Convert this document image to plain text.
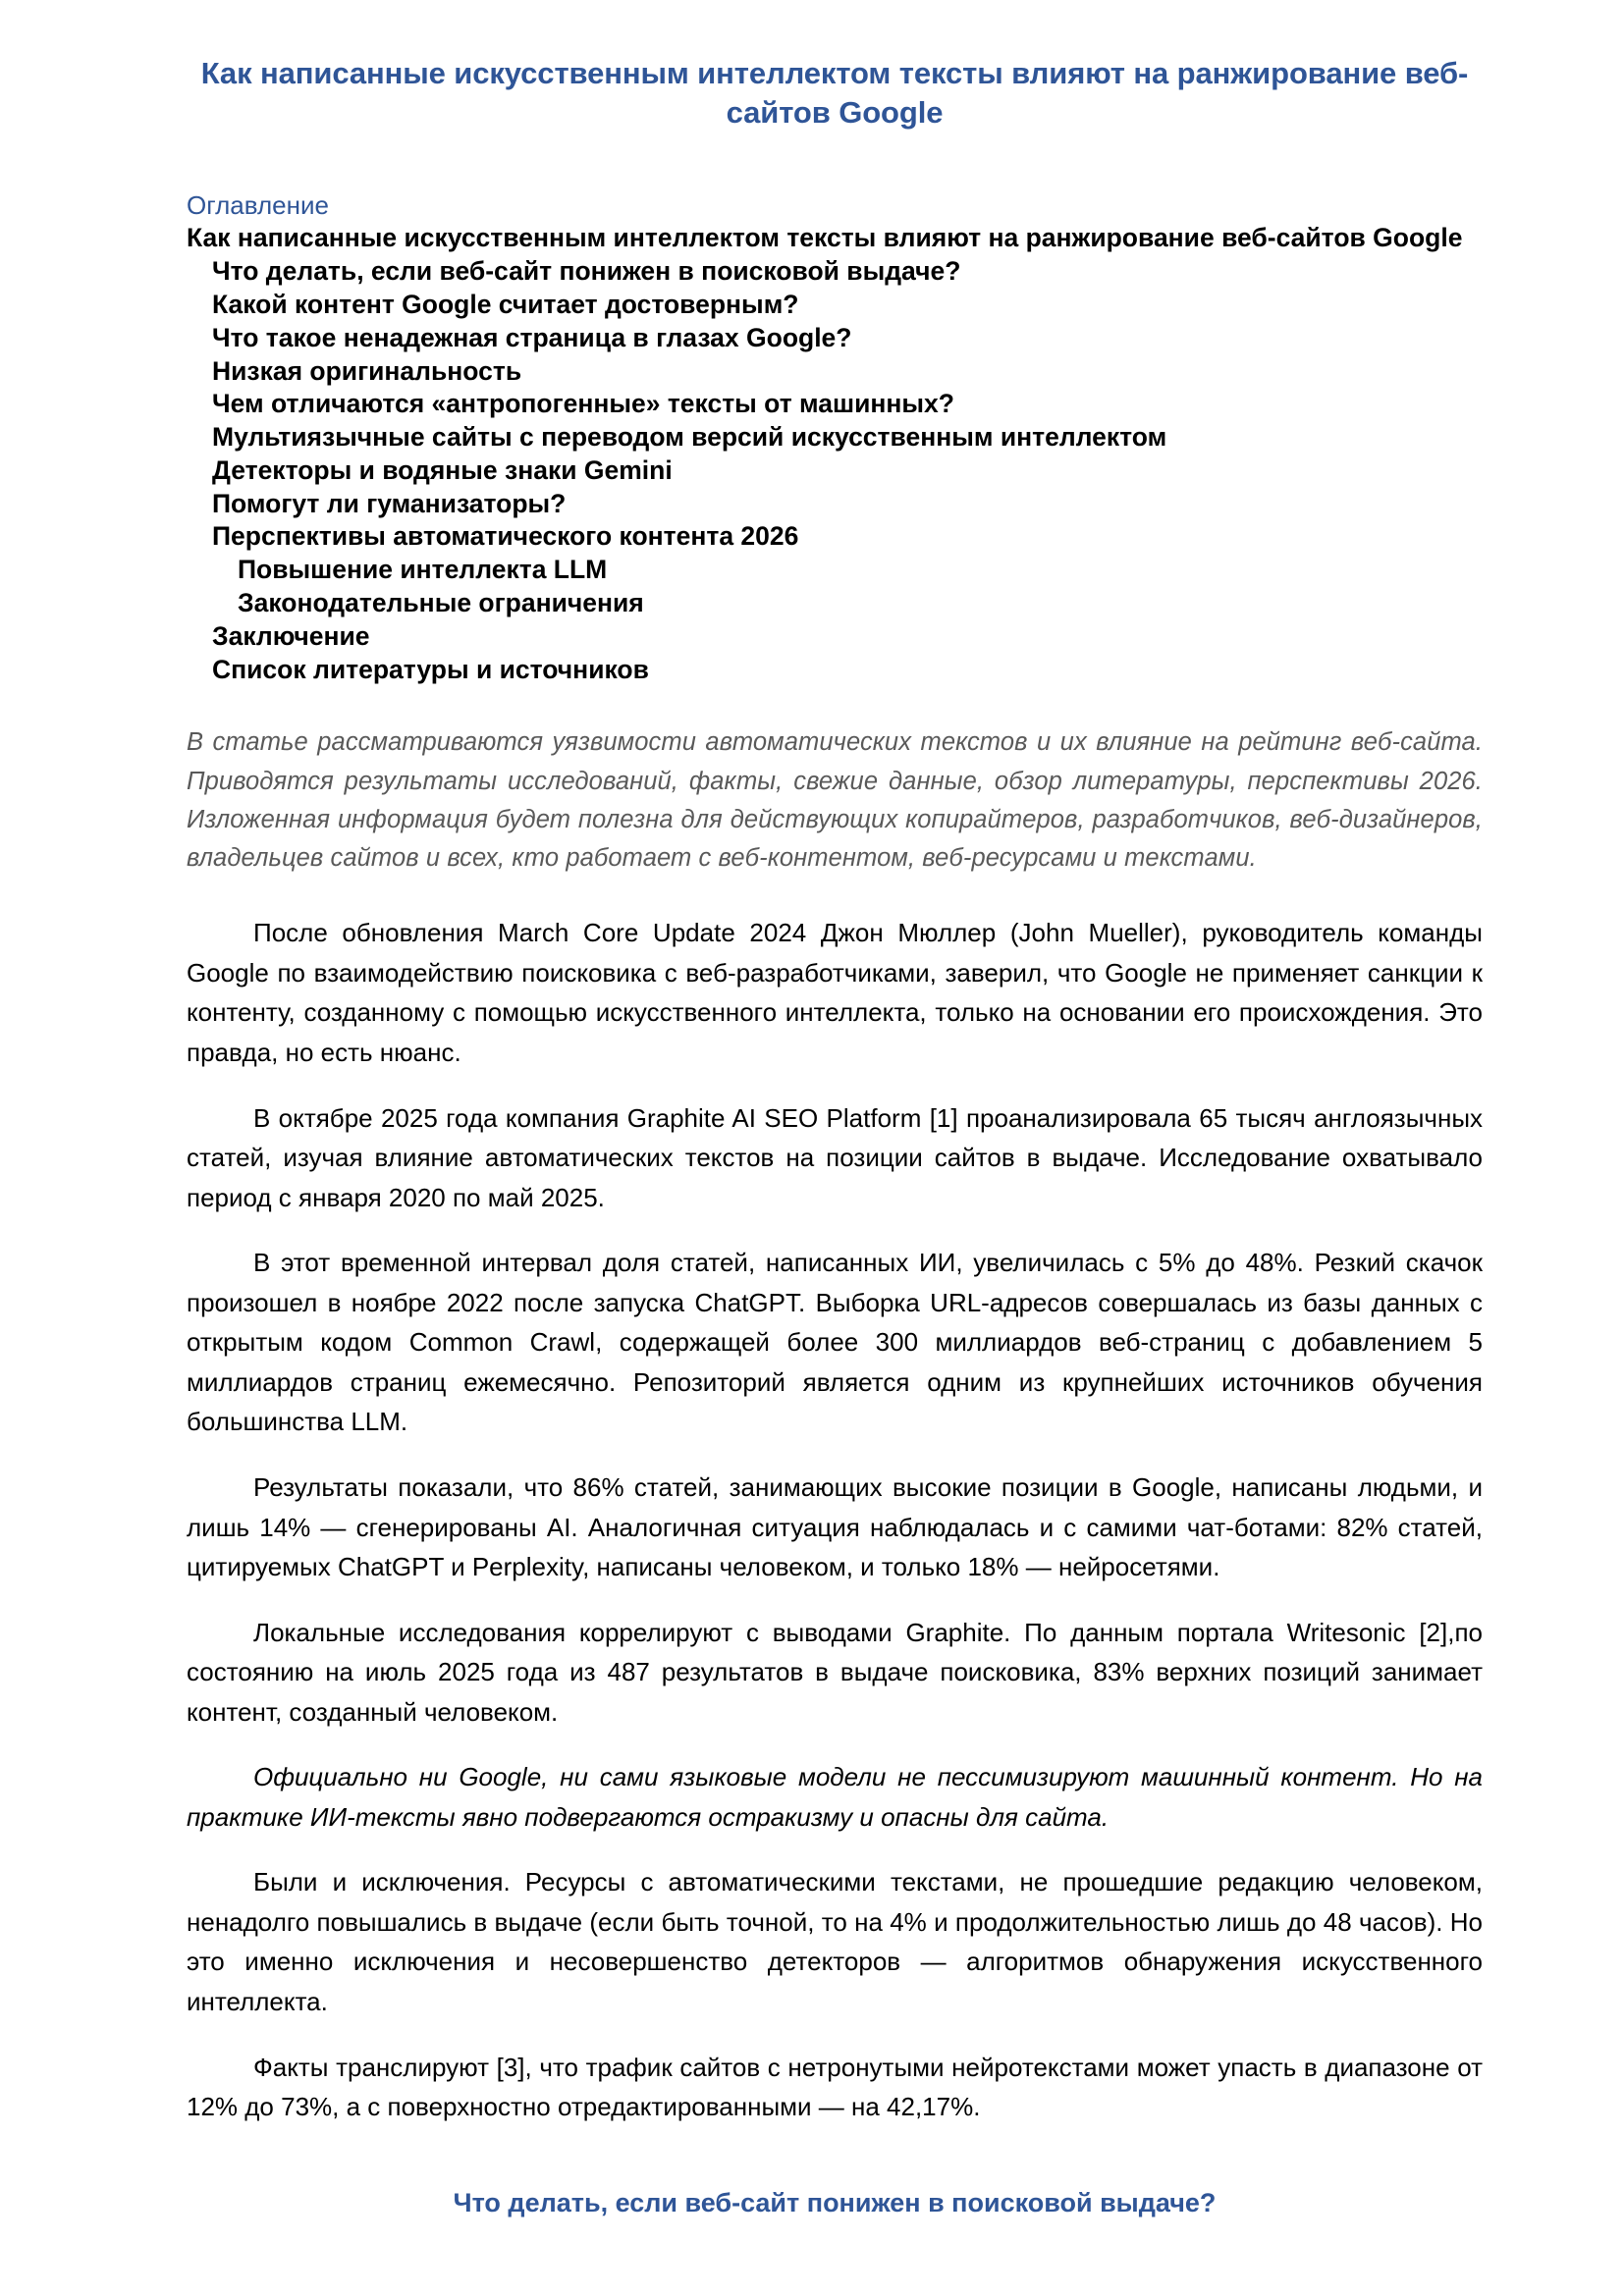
Как написанные искусственным интеллектом тексты влияют на ранжирование веб-сайтов Google
Оглавление
Как написанные искусственным интеллектом тексты влияют на ранжирование веб-сайтов Google
Что делать, если веб-сайт понижен в поисковой выдаче?
Какой контент Google считает достоверным?
Что такое ненадежная страница в глазах Google?
Низкая оригинальность
Чем отличаются «антропогенные» тексты от машинных?
Мультиязычные сайты с переводом версий искусственным интеллектом
Детекторы и водяные знаки Gemini
Помогут ли гуманизаторы?
Перспективы автоматического контента 2026
Повышение интеллекта LLM
Законодательные ограничения
Заключение
Список литературы и источников

В статье рассматриваются уязвимости автоматических текстов и их влияние на рейтинг веб-сайта. Приводятся результаты исследований, факты, свежие данные, обзор литературы, перспективы 2026. Изложенная информация будет полезна для действующих копирайтеров, разработчиков, веб-дизайнеров, владельцев сайтов и всех, кто работает с веб-контентом, веб-ресурсами и текстами.

После обновления March Core Update 2024 Джон Мюллер (John Mueller), руководитель команды Google по взаимодействию поисковика с веб-разработчиками, заверил, что Google не применяет санкции к контенту, созданному с помощью искусственного интеллекта, только на основании его происхождения. Это правда, но есть нюанс.

В октябре 2025 года компания Graphite AI SEO Platform [1] проанализировала 65 тысяч англоязычных статей, изучая влияние автоматических текстов на позиции сайтов в выдаче. Исследование охватывало период с января 2020 по май 2025.

В этот временной интервал доля статей, написанных ИИ, увеличилась с 5% до 48%. Резкий скачок произошел в ноябре 2022 после запуска ChatGPT. Выборка URL-адресов совершалась из базы данных с открытым кодом Common Crawl, содержащей более 300 миллиардов веб-страниц с добавлением 5 миллиардов страниц ежемесячно. Репозиторий является одним из крупнейших источников обучения большинства LLM.

Результаты показали, что 86% статей, занимающих высокие позиции в Google, написаны людьми, и лишь 14% — сгенерированы AI. Аналогичная ситуация наблюдалась и с самими чат-ботами: 82% статей, цитируемых ChatGPT и Perplexity, написаны человеком, и только 18% — нейросетями.

Локальные исследования коррелируют с выводами Graphite. По данным портала Writesonic [2],по состоянию на июль 2025 года из 487 результатов в выдаче поисковика, 83% верхних позиций занимает контент, созданный человеком.

Официально ни Google, ни сами языковые модели не пессимизируют машинный контент. Но на практике ИИ-тексты явно подвергаются остракизму и опасны для сайта.

Были и исключения. Ресурсы с автоматическими текстами, не прошедшие редакцию человеком, ненадолго повышались в выдаче (если быть точной, то на 4% и продолжительностью лишь до 48 часов). Но это именно исключения и несовершенство детекторов — алгоритмов обнаружения искусственного интеллекта.

Факты транслируют [3], что трафик сайтов с нетронутыми нейротекстами может упасть в диапазоне от 12% до 73%, а с поверхностно отредактированными — на 42,17%.

Что делать, если веб-сайт понижен в поисковой выдаче?
